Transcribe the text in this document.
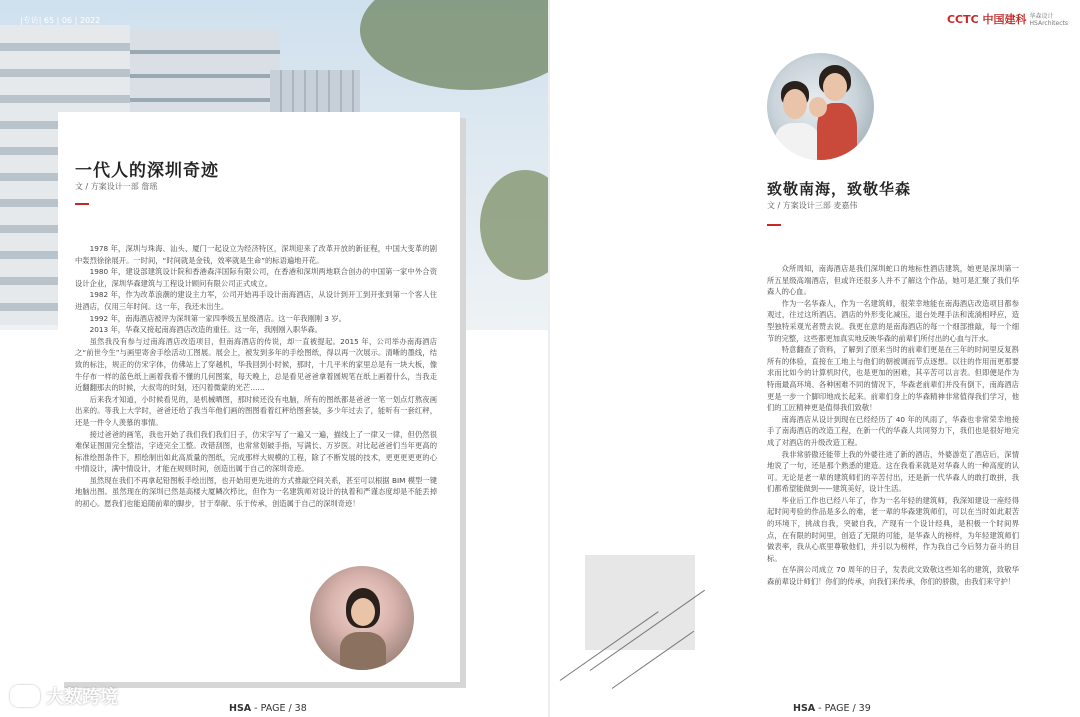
|专访| 65 | 06 | 2022
一代人的深圳奇迹
文 / 方案设计一部 詹瑶

1978 年，深圳与珠海、汕头、厦门一起设立为经济特区，深圳迎来了改革开放的新征程，中国大变革的剧中轰烈徐徐展开。一时间，“时间就是金钱，效率就是生命”的标语遍地开花。

1980 年，建设部建筑设计院和香港森洋国际有限公司，在香港和深圳两地联合创办的中国第一家中外合资设计企业，深圳华森建筑与工程设计顾问有限公司正式成立。

1982 年，作为改革浪潮的建设主力军，公司开始再手设计南海酒店，从设计到开工到开张到第一个客人住进酒店，仅用三年时间。这一年，我还未出生。

1992 年，南海酒店被评为深圳第一家四季级五星级酒店。这一年我刚刚 3 岁。

2013 年，华森又接起南海酒店改造的重任。这一年，我刚刚入职华森。

虽然我没有参与过南海酒店改造项目，但南海酒店的传说，却一直被提起。2015 年，公司举办南海酒店之“前世今生”与画里寄舍手绘活动工图展。展会上，被发到多年的手绘图纸，得以再一次展示。清晰的墨线，结致的标注，规正的仿宋字体，仿佛站上了穿越机，华我回到小时候，那时，十几平米的家里总是有一块大板，像牛仔布一样的蓝色纸上画着我看不懂的几何图案，每天晚上，总是看见爸爸拿着圆规笔在纸上画着什么，当我走近翻翻那去的时候，大叔弯的时刻，还闪着微蒙的光芒……

后来我才知道，小时候看见的，是机械晒图，那时候还没有电脑，所有的图纸都是爸爸一笔一划点灯熬夜画出来的。等我上大学时，爸爸还给了我当年他们画的图图看着红秤给图套装，多少年过去了，能听有一套红秤，还是一件令人羡慕的事情。

接过爸爸的画笔，我也开始了我们我们我们日子，仿宋字写了一遍又一遍，描线上了一律又一律，但仍然很难保证图面完全整洁，字迹完全工整。改错刮图，也常常划破手指，写满长、万岁医。对比起爸爸们当年更高的标准绘图条件下，照绘制出如此高质量的图纸，完成那样大规模的工程，除了不断发展的技术，更更更更更的心中情设计，满中情设计，才能在规则时间，创造出属于自己的深圳奇迹。

虽然现在我们不再拿起铅图板手绘出图，也开始用更先进的方式推敲空间关系，甚至可以根据 BIM 模型一键地脑出图。虽然现在的深圳已然是高楼大厦鳞次栉比，但作为一名建筑师对设计的执着和严谨态度却是不能丢掉的初心。愿我们也能追随前辈的脚步，甘于奉献、乐于传承，创造属于自己的深圳奇迹！

大数跨境
HSA - PAGE / 38
CCTC 中国建科 华森设计
HSArchitects
致敬南海，致敬华森
文 / 方案设计三部 麦嘉伟

众所周知，南海酒店是我们深圳蛇口的地标性酒店建筑，她更是深圳第一所五星级高端酒店，但或许还很多人并不了解这个作品，她可是汇聚了我们华森人的心血。

作为一名华森人，作为一名建筑师，很荣幸地能在南海酒店改造项目都参观过，往过这所酒店。酒店的外形变化减压，退台处理手法和流淌相呼应，造型独特采观光者赞去说。我更在意的是南海酒店的每一个细部推敲，每一个细节的完整，这些都更加真实地反映华森的前辈们所付出的心血与汗水。

特意翻查了资料，了解到了原来当时的前辈们更是在三年的时间里反复斟所有的体验，直接在工地上与他们的朝被调而节点逐想。以往的作用而更那要求而比如今的计算机时代，也是更加的困难，其辛苦可以言表。但即便是作为特南最高环境、各种困难不同的情况下，华森老前辈们并没有倒下，南海酒店更是一步一个脚印地成长起来。前辈们身上的华森精神非常值得我们学习，他们的工匠精神更是值得我们致敬！

南海酒店从设计到现在已经经历了 40 年的风雨了，华森也非常荣幸地接手了南海酒店的改造工程，在新一代的华森人共同努力下，我们也是很好地完成了对酒店的升级改造工程。

我非常骄傲还能带上我的外婆往进了新的酒店，外婆游览了酒店后，深情地说了一句，还是那个熟悉的建造。这在我看来就是对华森人的一种高度的认可。无论是老一辈的建筑师们的辛苦付出，还是新一代华森人的敢打敢拼，我们都希望能做到——建筑美好，设计生活。

毕业后工作也已经八年了，作为一名年轻的建筑师，我深知建设一座经得起时间考验的作品是多么的难，老一辈的华森建筑师们，可以在当时如此艰苦的环境下，挑战自我，突破自我，产现有一个设计经典，是积极一个时间界点，在有限的时间里，创造了无限的可能，是华森人的榜样，为年轻建筑师们做表率，我从心底里尊敬他们，并引以为榜样，作为我自己今后努力奋斗的目标。

在华润公司成立 70 周年的日子，发表此文致敬这些知名的建筑，致敬华森前辈设计师们！你们的传承，向我们来传承，你们的骄傲，由我们来守护！

HSA - PAGE / 39
